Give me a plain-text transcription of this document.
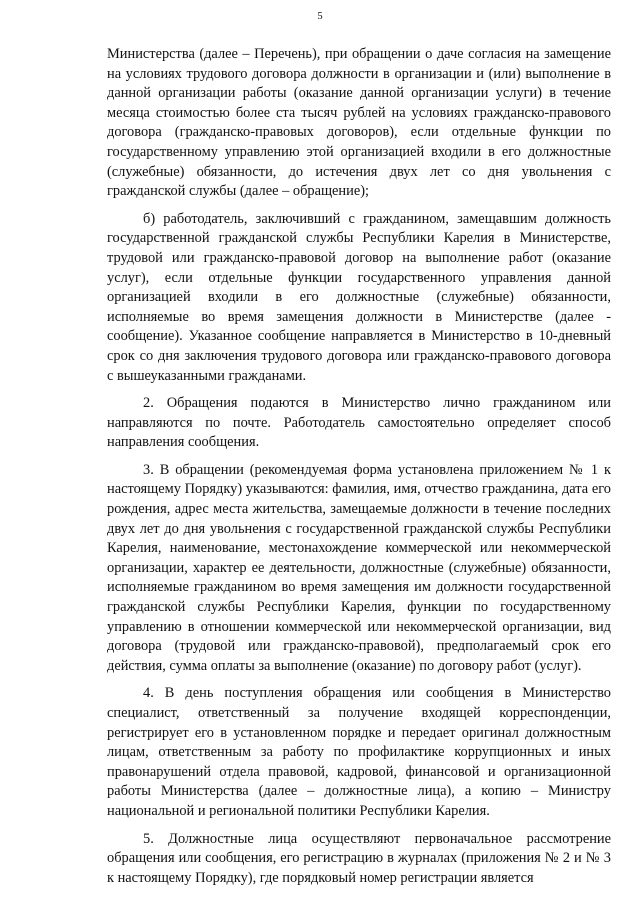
5

Министерства (далее – Перечень), при обращении о даче согласия на замещение на условиях трудового договора должности в организации и (или) выполнение в данной организации работы (оказание данной организации услуги) в течение месяца стоимостью более ста тысяч рублей на условиях гражданско-правового договора (гражданско-правовых договоров), если отдельные функции по государственному управлению этой организацией входили в его должностные (служебные) обязанности, до истечения двух лет со дня увольнения с гражданской службы (далее – обращение);

б) работодатель, заключивший с гражданином, замещавшим должность государственной гражданской службы Республики Карелия в Министерстве, трудовой или гражданско-правовой договор на выполнение работ (оказание услуг), если отдельные функции государственного управления данной организацией входили в его должностные (служебные) обязанности, исполняемые во время замещения должности в Министерстве (далее - сообщение). Указанное сообщение направляется в Министерство в 10-дневный срок со дня заключения трудового договора или гражданско-правового договора с вышеуказанными гражданами.

2. Обращения подаются в Министерство лично гражданином или направляются по почте. Работодатель самостоятельно определяет способ направления сообщения.

3. В обращении (рекомендуемая форма установлена приложением № 1 к настоящему Порядку) указываются: фамилия, имя, отчество гражданина, дата его рождения, адрес места жительства, замещаемые должности в течение последних двух лет до дня увольнения с государственной гражданской службы Республики Карелия, наименование, местонахождение коммерческой или некоммерческой организации, характер ее деятельности, должностные (служебные) обязанности, исполняемые гражданином во время замещения им должности государственной гражданской службы Республики Карелия, функции по государственному управлению в отношении коммерческой или некоммерческой организации, вид договора (трудовой или гражданско-правовой), предполагаемый срок его действия, сумма оплаты за выполнение (оказание) по договору работ (услуг).

4. В день поступления обращения или сообщения в Министерство специалист, ответственный за получение входящей корреспонденции, регистрирует его в установленном порядке и передает оригинал должностным лицам, ответственным за работу по профилактике коррупционных и иных правонарушений отдела правовой, кадровой, финансовой и организационной работы Министерства (далее – должностные лица), а копию – Министру национальной и региональной политики Республики Карелия.

5. Должностные лица осуществляют первоначальное рассмотрение обращения или сообщения, его регистрацию в журналах (приложения № 2 и № 3 к настоящему Порядку), где порядковый номер регистрации является
